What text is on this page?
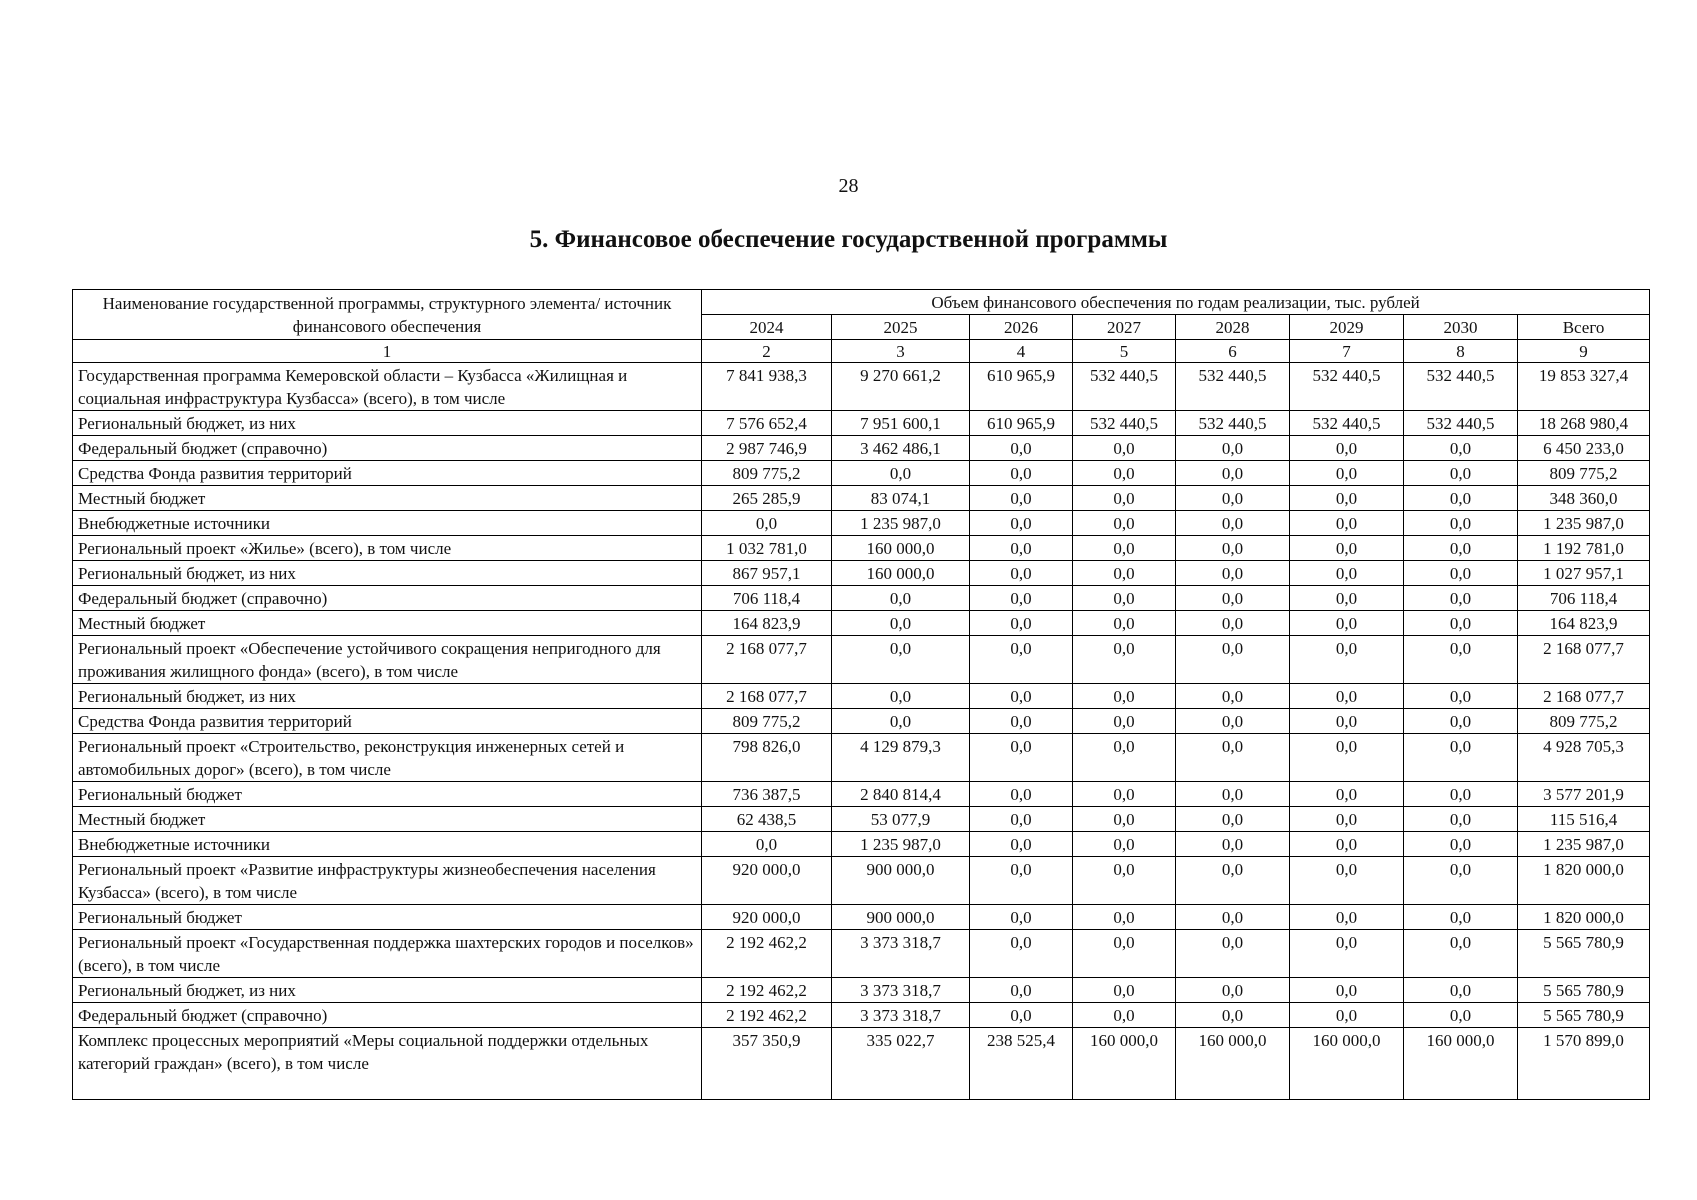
28
5. Финансовое обеспечение государственной программы
Наименование государственной программы, структурного элемента/ источник финансового обеспечения	Объем финансового обеспечения по годам реализации, тыс. рублей							
	2024	2025	2026	2027	2028	2029	2030	Всего
1	2	3	4	5	6	7	8	9
Государственная программа Кемеровской области – Кузбасса «Жилищная и социальная инфраструктура Кузбасса» (всего), в том числе	7 841 938,3	9 270 661,2	610 965,9	532 440,5	532 440,5	532 440,5	532 440,5	19 853 327,4
Региональный бюджет, из них	7 576 652,4	7 951 600,1	610 965,9	532 440,5	532 440,5	532 440,5	532 440,5	18 268 980,4
Федеральный бюджет (справочно)	2 987 746,9	3 462 486,1	0,0	0,0	0,0	0,0	0,0	6 450 233,0
Средства Фонда развития территорий	809 775,2	0,0	0,0	0,0	0,0	0,0	0,0	809 775,2
Местный бюджет	265 285,9	83 074,1	0,0	0,0	0,0	0,0	0,0	348 360,0
Внебюджетные источники	0,0	1 235 987,0	0,0	0,0	0,0	0,0	0,0	1 235 987,0
Региональный проект «Жилье» (всего), в том числе	1 032 781,0	160 000,0	0,0	0,0	0,0	0,0	0,0	1 192 781,0
Региональный бюджет, из них	867 957,1	160 000,0	0,0	0,0	0,0	0,0	0,0	1 027 957,1
Федеральный бюджет (справочно)	706 118,4	0,0	0,0	0,0	0,0	0,0	0,0	706 118,4
Местный бюджет	164 823,9	0,0	0,0	0,0	0,0	0,0	0,0	164 823,9
Региональный проект «Обеспечение устойчивого сокращения непригодного для проживания жилищного фонда» (всего), в том числе	2 168 077,7	0,0	0,0	0,0	0,0	0,0	0,0	2 168 077,7
Региональный бюджет, из них	2 168 077,7	0,0	0,0	0,0	0,0	0,0	0,0	2 168 077,7
Средства Фонда развития территорий	809 775,2	0,0	0,0	0,0	0,0	0,0	0,0	809 775,2
Региональный проект «Строительство, реконструкция инженерных сетей и автомобильных дорог» (всего), в том числе	798 826,0	4 129 879,3	0,0	0,0	0,0	0,0	0,0	4 928 705,3
Региональный бюджет	736 387,5	2 840 814,4	0,0	0,0	0,0	0,0	0,0	3 577 201,9
Местный бюджет	62 438,5	53 077,9	0,0	0,0	0,0	0,0	0,0	115 516,4
Внебюджетные источники	0,0	1 235 987,0	0,0	0,0	0,0	0,0	0,0	1 235 987,0
Региональный проект «Развитие инфраструктуры жизнеобеспечения населения Кузбасса» (всего), в том числе	920 000,0	900 000,0	0,0	0,0	0,0	0,0	0,0	1 820 000,0
Региональный бюджет	920 000,0	900 000,0	0,0	0,0	0,0	0,0	0,0	1 820 000,0
Региональный проект «Государственная поддержка шахтерских городов и поселков» (всего), в том числе	2 192 462,2	3 373 318,7	0,0	0,0	0,0	0,0	0,0	5 565 780,9
Региональный бюджет, из них	2 192 462,2	3 373 318,7	0,0	0,0	0,0	0,0	0,0	5 565 780,9
Федеральный бюджет (справочно)	2 192 462,2	3 373 318,7	0,0	0,0	0,0	0,0	0,0	5 565 780,9
Комплекс процессных мероприятий «Меры социальной поддержки отдельных категорий граждан» (всего), в том числе	357 350,9	335 022,7	238 525,4	160 000,0	160 000,0	160 000,0	160 000,0	1 570 899,0
